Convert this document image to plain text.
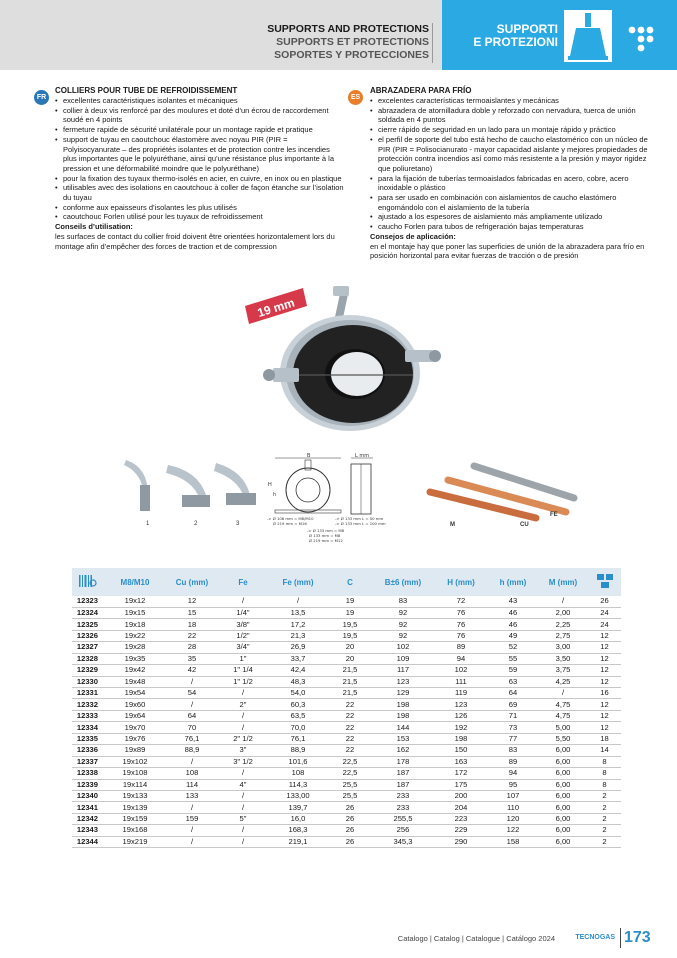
SUPPORTS AND PROTECTIONS
SUPPORTS ET PROTECTIONS
SOPORTES Y PROTECCIONES
SUPPORTI
E PROTEZIONI
FR
COLLIERS POUR TUBE DE REFROIDISSEMENT
• excellentes caractéristiques isolantes et mécaniques
• collier à deux vis renforcé par des moulures et doté d’un écrou de raccordement soudé en 4 points
• fermeture rapide de sécurité unilatérale pour un montage rapide et pratique
• support de tuyau en caoutchouc élastomère avec noyau PIR (PIR = Polyisocyanurate – des propriétés isolantes et de protection contre les incendies plus importantes que le polyuréthane, ainsi qu’une résistance plus importante à la pression et une déformabilité moindre que le polyuréthane)
• pour la fixation des tuyaux thermo-isolés en acier, en cuivre, en inox ou en plastique
• utilisables avec des isolations en caoutchouc à coller de façon étanche sur l’isolation du tuyau
• conforme aux epaisseurs d’isolantes les plus utilisés
• caoutchouc Forlen utilisé pour les tuyaux de refroidissement
Conseils d’utilisation:
les surfaces de contact du collier froid doivent être orientées horizontalement lors du montage afin d’empêcher des forces de traction et de compression
ES
ABRAZADERA PARA FRÍO
• excelentes características termoaislantes y mecánicas
• abrazadera de atornilladura doble y reforzado con nervadura, tuerca de unión soldada en 4 puntos
• cierre rápido de seguridad en un lado para un montaje rápido y práctico
• el perfil de soporte del tubo está hecho de caucho elastomérico con un núcleo de PIR (PIR = Polisocianurato - mayor capacidad aislante y mejores propiedades de protección contra incendios así como más resistente a la presión y mayor rigidez que poliuretano)
• para la fijación de tuberías termoaislados fabricadas en acero, cobre, acero inoxidable o plástico
• para ser usado en combinación con aislamientos de caucho elastómero engomándolo con el aislamiento de la tubería
• ajustado a los espesores de aislamiento más ampliamente utilizado
• caucho Forlen para tubos de refrigeración bajas temperaturas
Consejos de aplicación:
en el montaje hay que poner las superficies de unión de la abrazadera para frío en posición horizontal para evitar fuerzas de tracción o de presión
19 mm
1	2	3
B	L mm
H
h
-> Ø 108 mm = M8/M10	-> Ø 133 mm L = 50 mm
Ø 219 mm = M16	-> Ø 133 mm L = 100 mm
-> Ø 133 mm = M8
Ø 133 mm = M8
Ø 219 mm = M12
M	CU
FE
	M8/M10	Cu (mm)	Fe	Fe (mm)	C	B±6 (mm)	H (mm)	h (mm)	M (mm)	
12323	19x12	12	/	/	19	83	72	43	/	26
12324	19x15	15	1/4"	13,5	19	92	76	46	2,00	24
12325	19x18	18	3/8"	17,2	19,5	92	76	46	2,25	24
12326	19x22	22	1/2"	21,3	19,5	92	76	49	2,75	12
12327	19x28	28	3/4"	26,9	20	102	89	52	3,00	12
12328	19x35	35	1"	33,7	20	109	94	55	3,50	12
12329	19x42	42	1" 1/4	42,4	21,5	117	102	59	3,75	12
12330	19x48	/	1" 1/2	48,3	21,5	123	111	63	4,25	12
12331	19x54	54	/	54,0	21,5	129	119	64	/	16
12332	19x60	/	2"	60,3	22	198	123	69	4,75	12
12333	19x64	64	/	63,5	22	198	126	71	4,75	12
12334	19x70	70	/	70,0	22	144	192	73	5,00	12
12335	19x76	76,1	2" 1/2	76,1	22	153	198	77	5,50	18
12336	19x89	88,9	3"	88,9	22	162	150	83	6,00	14
12337	19x102	/	3" 1/2	101,6	22,5	178	163	89	6,00	8
12338	19x108	108	/	108	22,5	187	172	94	6,00	8
12339	19x114	114	4"	114,3	25,5	187	175	95	6,00	8
12340	19x133	133	/	133,00	25,5	233	200	107	6,00	2
12341	19x139	/	/	139,7	26	233	204	110	6,00	2
12342	19x159	159	5"	16,0	26	255,5	223	120	6,00	2
12343	19x168	/	/	168,3	26	256	229	122	6,00	2
12344	19x219	/	/	219,1	26	345,3	290	158	6,00	2
Catalogo | Catalog | Catalogue | Catálogo 2024	TECNOGAS 173
